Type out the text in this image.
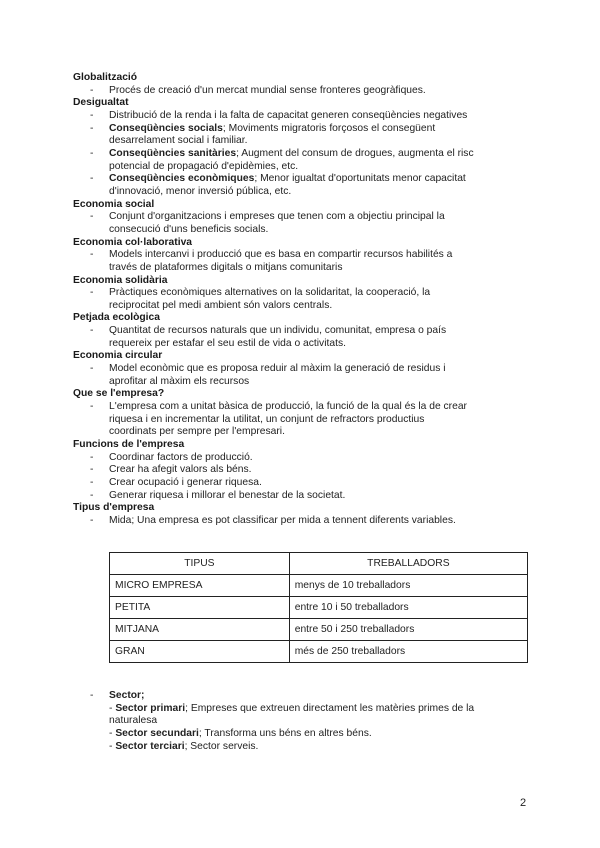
Globalització
- Procés de creació d'un mercat mundial sense fronteres geogràfiques.
Desigualtat
- Distribució de la renda i la falta de capacitat generen conseqüències negatives
- Conseqüències socials; Moviments migratoris forçosos el consegüent
desarrelament social i familiar.
- Conseqüències sanitàries; Augment del consum de drogues, augmenta el risc
potencial de propagació d'epidèmies, etc.
- Conseqüències econòmiques; Menor igualtat d'oportunitats menor capacitat
d'innovació, menor inversió pública, etc.
Economia social
- Conjunt d'organitzacions i empreses que tenen com a objectiu principal la
consecució d'uns beneficis socials.
Economia col·laborativa
- Models intercanvi i producció que es basa en compartir recursos habilités a
través de plataformes digitals o mitjans comunitaris
Economia solidària
- Pràctiques econòmiques alternatives on la solidaritat, la cooperació, la
reciprocitat pel medi ambient són valors centrals.
Petjada ecològica
- Quantitat de recursos naturals que un individu, comunitat, empresa o país
requereix per estafar el seu estil de vida o activitats.
Economia circular
- Model econòmic que es proposa reduir al màxim la generació de residus i
aprofitar al màxim els recursos
Que se l'empresa?
- L'empresa com a unitat bàsica de producció, la funció de la qual és la de crear
riquesa i en incrementar la utilitat, un conjunt de refractors productius
coordinats per sempre per l'empresari.
Funcions de l'empresa
- Coordinar factors de producció.
- Crear ha afegit valors als béns.
- Crear ocupació i generar riquesa.
- Generar riquesa i millorar el benestar de la societat.
Tipus d'empresa
- Mida; Una empresa es pot classificar per mida a tennent diferents variables.
TIPUS	TREBALLADORS
MICRO EMPRESA	menys de 10 treballadors
PETITA	entre 10 i 50 treballadors
MITJANA	entre 50 i 250 treballadors
GRAN	més de 250 treballadors
- Sector;
- Sector primari; Empreses que extreuen directament les matèries primes de la
naturalesa
- Sector secundari; Transforma uns béns en altres béns.
- Sector terciari; Sector serveis.
2
